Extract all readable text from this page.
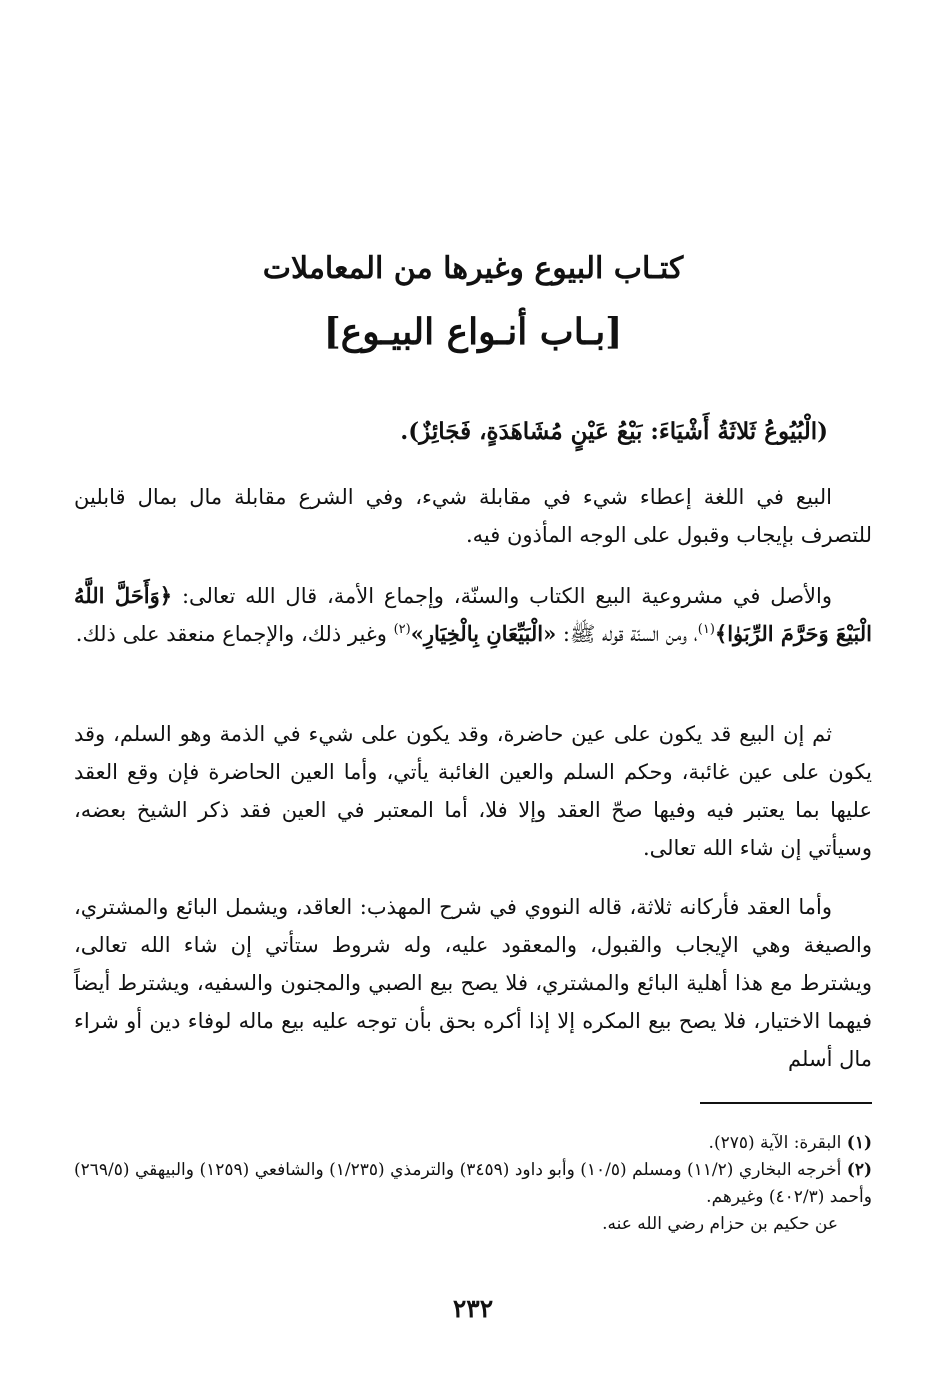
كتـاب البيوع وغيرها من المعاملات
[بـاب أنـواع البيـوع]

(الْبُيُوعُ ثَلاثَةُ أَشْيَاءَ: بَيْعُ عَيْنٍ مُشَاهَدَةٍ، فَجَائِزٌ).

البيع في اللغة إعطاء شيء في مقابلة شيء، وفي الشرع مقابلة مال بمال قابلين للتصرف بإيجاب وقبول على الوجه المأذون فيه.

والأصل في مشروعية البيع الكتاب والسنّة، وإجماع الأمة، قال الله تعالى: ﴿وَأَحَلَّ اللَّهُ الْبَيْعَ وَحَرَّمَ الرِّبَوٰا﴾$^{(١)}$، ومن السنّة قوله ﷺ: «الْبَيِّعَانِ بِالْخِيَارِ»$^{(٢)}$ وغير ذلك، والإجماع منعقد على ذلك.

ثم إن البيع قد يكون على عين حاضرة، وقد يكون على شيء في الذمة وهو السلم، وقد يكون على عين غائبة، وحكم السلم والعين الغائبة يأتي، وأما العين الحاضرة فإن وقع العقد عليها بما يعتبر فيه وفيها صحّ العقد وإلا فلا، أما المعتبر في العين فقد ذكر الشيخ بعضه، وسيأتي إن شاء الله تعالى.

وأما العقد فأركانه ثلاثة، قاله النووي في شرح المهذب: العاقد، ويشمل البائع والمشتري، والصيغة وهي الإيجاب والقبول، والمعقود عليه، وله شروط ستأتي إن شاء الله تعالى، ويشترط مع هذا أهلية البائع والمشتري، فلا يصح بيع الصبي والمجنون والسفيه، ويشترط أيضاً فيهما الاختيار، فلا يصح بيع المكره إلا إذا أكره بحق بأن توجه عليه بيع ماله لوفاء دين أو شراء مال أسلم

(١) البقرة: الآية (٢٧٥).

(٢) أخرجه البخاري (١١/٢) ومسلم (١٠/٥) وأبو داود (٣٤٥٩) والترمذي (١/٢٣٥) والشافعي (١٢٥٩) والبيهقي (٢٦٩/٥) وأحمد (٤٠٢/٣) وغيرهم.

عن حكيم بن حزام رضي الله عنه.

٢٣٢
